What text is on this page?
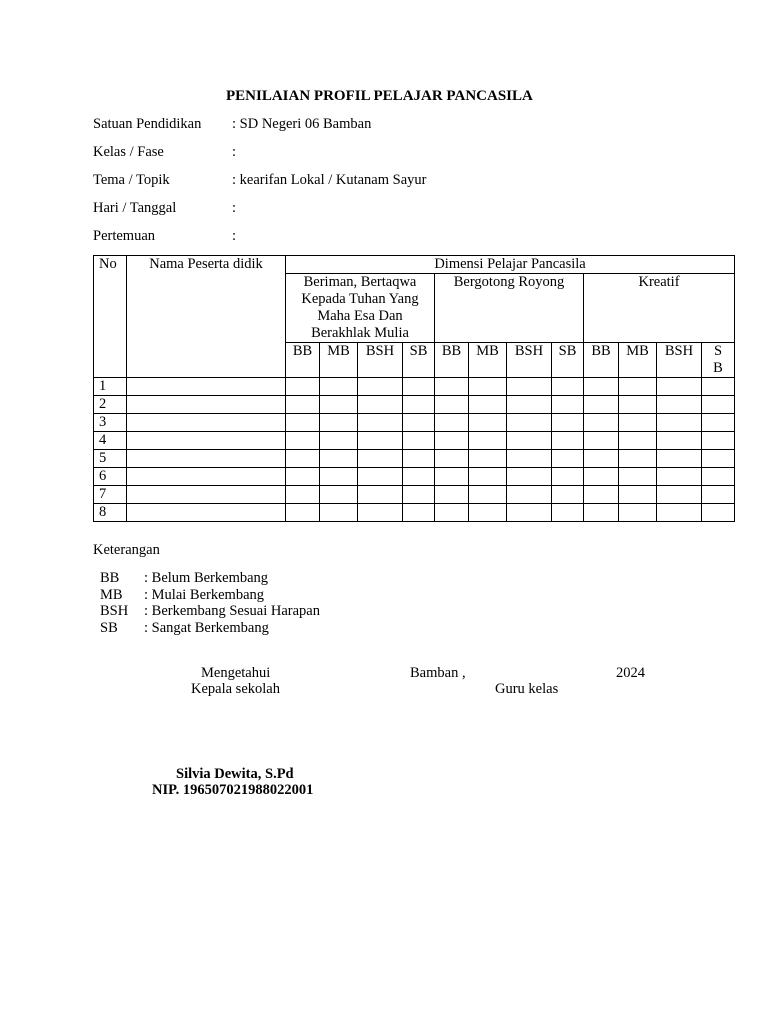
PENILAIAN PROFIL PELAJAR PANCASILA
Satuan Pendidikan : SD Negeri 06 Bamban
Kelas / Fase	:
Tema / Topik	: kearifan Lokal / Kutanam Sayur
Hari / Tanggal	:
Pertemuan	:
No	Nama Peserta didik	Dimensi Pelajar Pancasila											
		Beriman, Bertaqwa Kepada Tuhan Yang Maha Esa Dan Berakhlak Mulia				Bergotong Royong				Kreatif			
		BB	MB	BSH	SB	BB	MB	BSH	SB	BB	MB	BSH	S B
1													
2													
3													
4													
5													
6													
7													
8													
Keterangan
BB : Belum Berkembang
MB : Mulai Berkembang
BSH : Berkembang Sesuai Harapan
SB : Sangat Berkembang
Mengetahui
Kepala sekolah
Bamban ,	2024
Guru kelas
Silvia Dewita, S.Pd
NIP. 196507021988022001
